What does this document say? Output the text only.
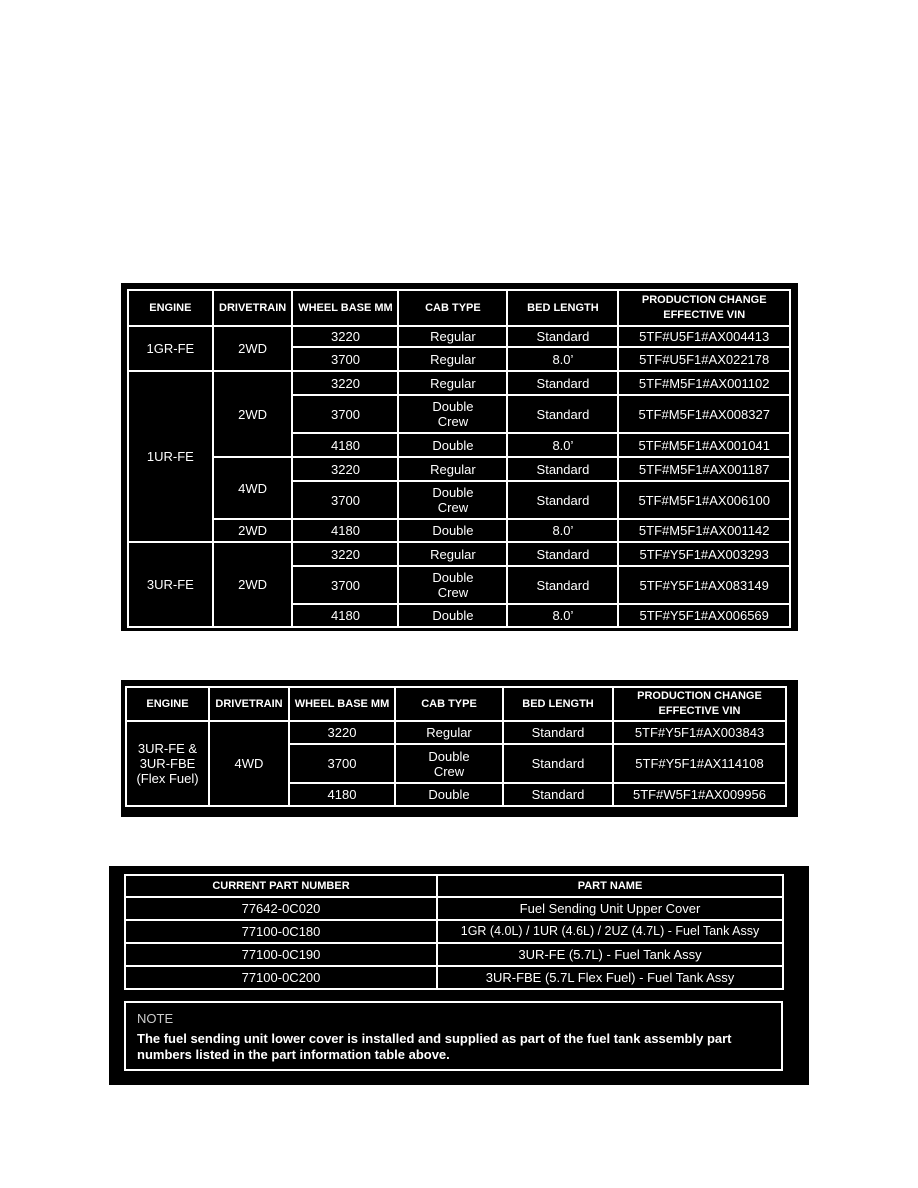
ENGINE	DRIVETRAIN	WHEEL BASE MM	CAB TYPE	BED LENGTH	PRODUCTION CHANGE EFFECTIVE VIN
1GR-FE	2WD	3220	Regular	Standard	5TF#U5F1#AX004413
		3700	Regular	8.0’	5TF#U5F1#AX022178
1UR-FE	2WD	3220	Regular	Standard	5TF#M5F1#AX001102
		3700	Double Crew	Standard	5TF#M5F1#AX008327
		4180	Double	8.0’	5TF#M5F1#AX001041
	4WD	3220	Regular	Standard	5TF#M5F1#AX001187
		3700	Double Crew	Standard	5TF#M5F1#AX006100
	2WD	4180	Double	8.0’	5TF#M5F1#AX001142
3UR-FE	2WD	3220	Regular	Standard	5TF#Y5F1#AX003293
		3700	Double Crew	Standard	5TF#Y5F1#AX083149
		4180	Double	8.0’	5TF#Y5F1#AX006569
ENGINE	DRIVETRAIN	WHEEL BASE MM	CAB TYPE	BED LENGTH	PRODUCTION CHANGE EFFECTIVE VIN
3UR-FE & 3UR-FBE (Flex Fuel)	4WD	3220	Regular	Standard	5TF#Y5F1#AX003843
		3700	Double Crew	Standard	5TF#Y5F1#AX114108
		4180	Double	Standard	5TF#W5F1#AX009956
CURRENT PART NUMBER	PART NAME
77642-0C020	Fuel Sending Unit Upper Cover
77100-0C180	1GR (4.0L) / 1UR (4.6L) / 2UZ (4.7L) - Fuel Tank Assy
77100-0C190	3UR-FE (5.7L) - Fuel Tank Assy
77100-0C200	3UR-FBE (5.7L Flex Fuel) - Fuel Tank Assy
NOTE
The fuel sending unit lower cover is installed and supplied as part of the fuel tank assembly part numbers listed in the part information table above.
